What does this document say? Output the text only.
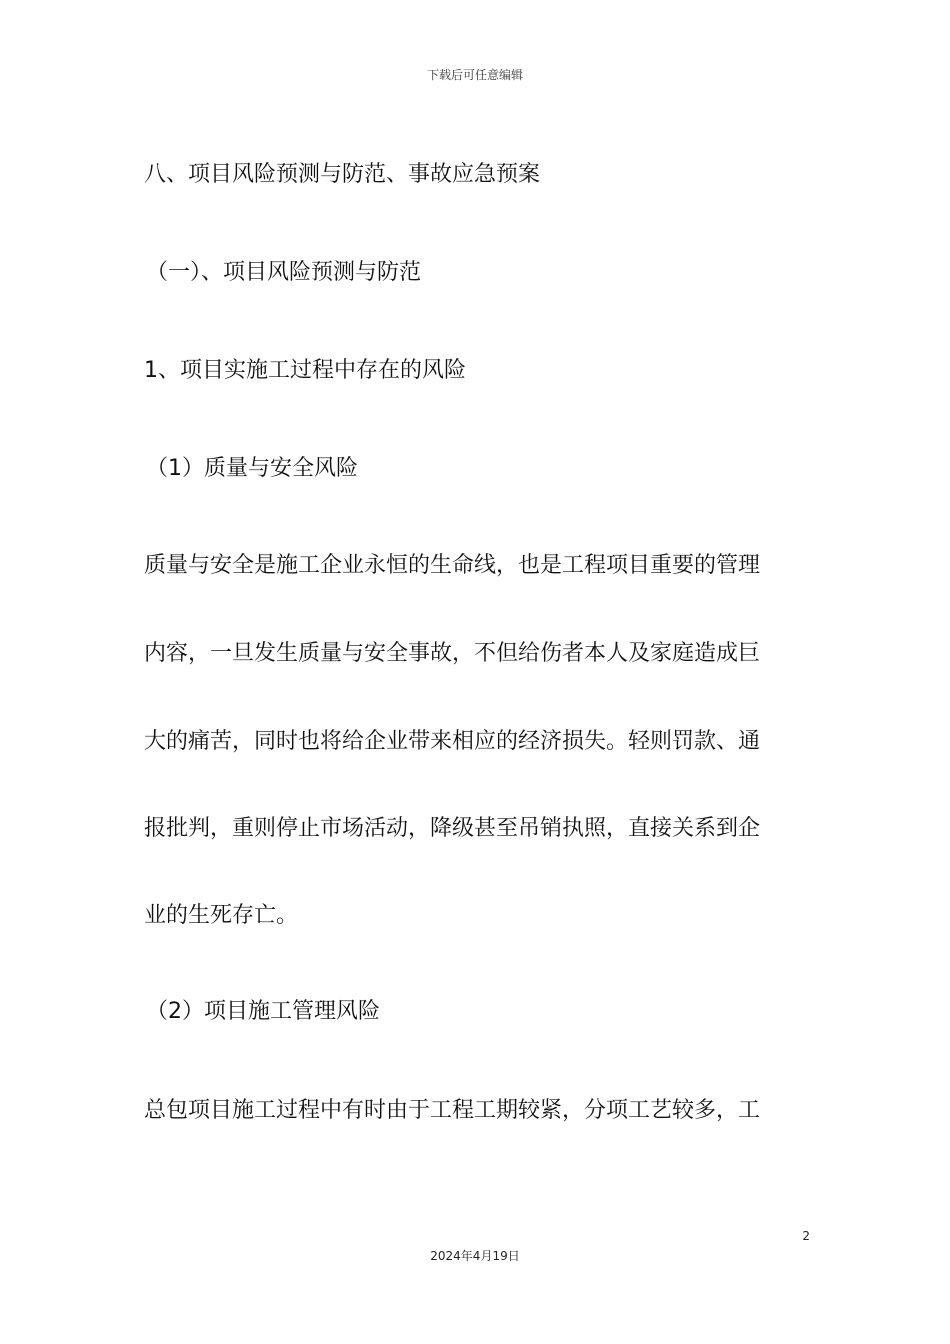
下载后可任意编辑
八、项目风险预测与防范、事故应急预案
（一）、项目风险预测与防范
1、项目实施工过程中存在的风险
（1）质量与安全风险
质量与安全是施工企业永恒的生命线，也是工程项目重要的管理
内容，一旦发生质量与安全事故，不但给伤者本人及家庭造成巨
大的痛苦，同时也将给企业带来相应的经济损失。轻则罚款、通
报批判，重则停止市场活动，降级甚至吊销执照，直接关系到企
业的生死存亡。
（2）项目施工管理风险
总包项目施工过程中有时由于工程工期较紧，分项工艺较多，工
2
2024年4月19日
